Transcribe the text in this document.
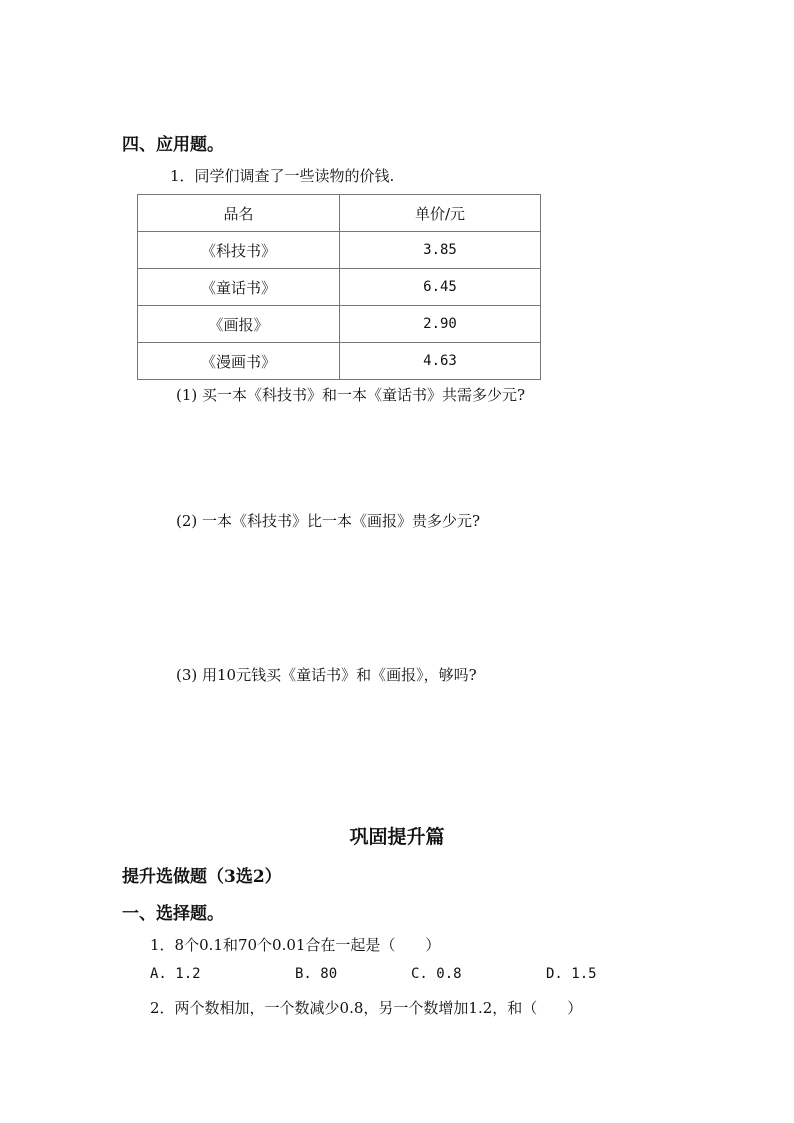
四、应用题。
1．同学们调查了一些读物的价钱.
品名	单价/元
《科技书》	3.85
《童话书》	6.45
《画报》	2.90
《漫画书》	4.63
(1) 买一本《科技书》和一本《童话书》共需多少元?
(2) 一本《科技书》比一本《画报》贵多少元?
(3) 用10元钱买《童话书》和《画报》，够吗?
巩固提升篇
提升选做题（3选2）
一、选择题。
1．8个0.1和70个0.01合在一起是（　　）
A. 1.2	B. 80	C. 0.8	D. 1.5
2．两个数相加，一个数减少0.8，另一个数增加1.2，和（　　）
